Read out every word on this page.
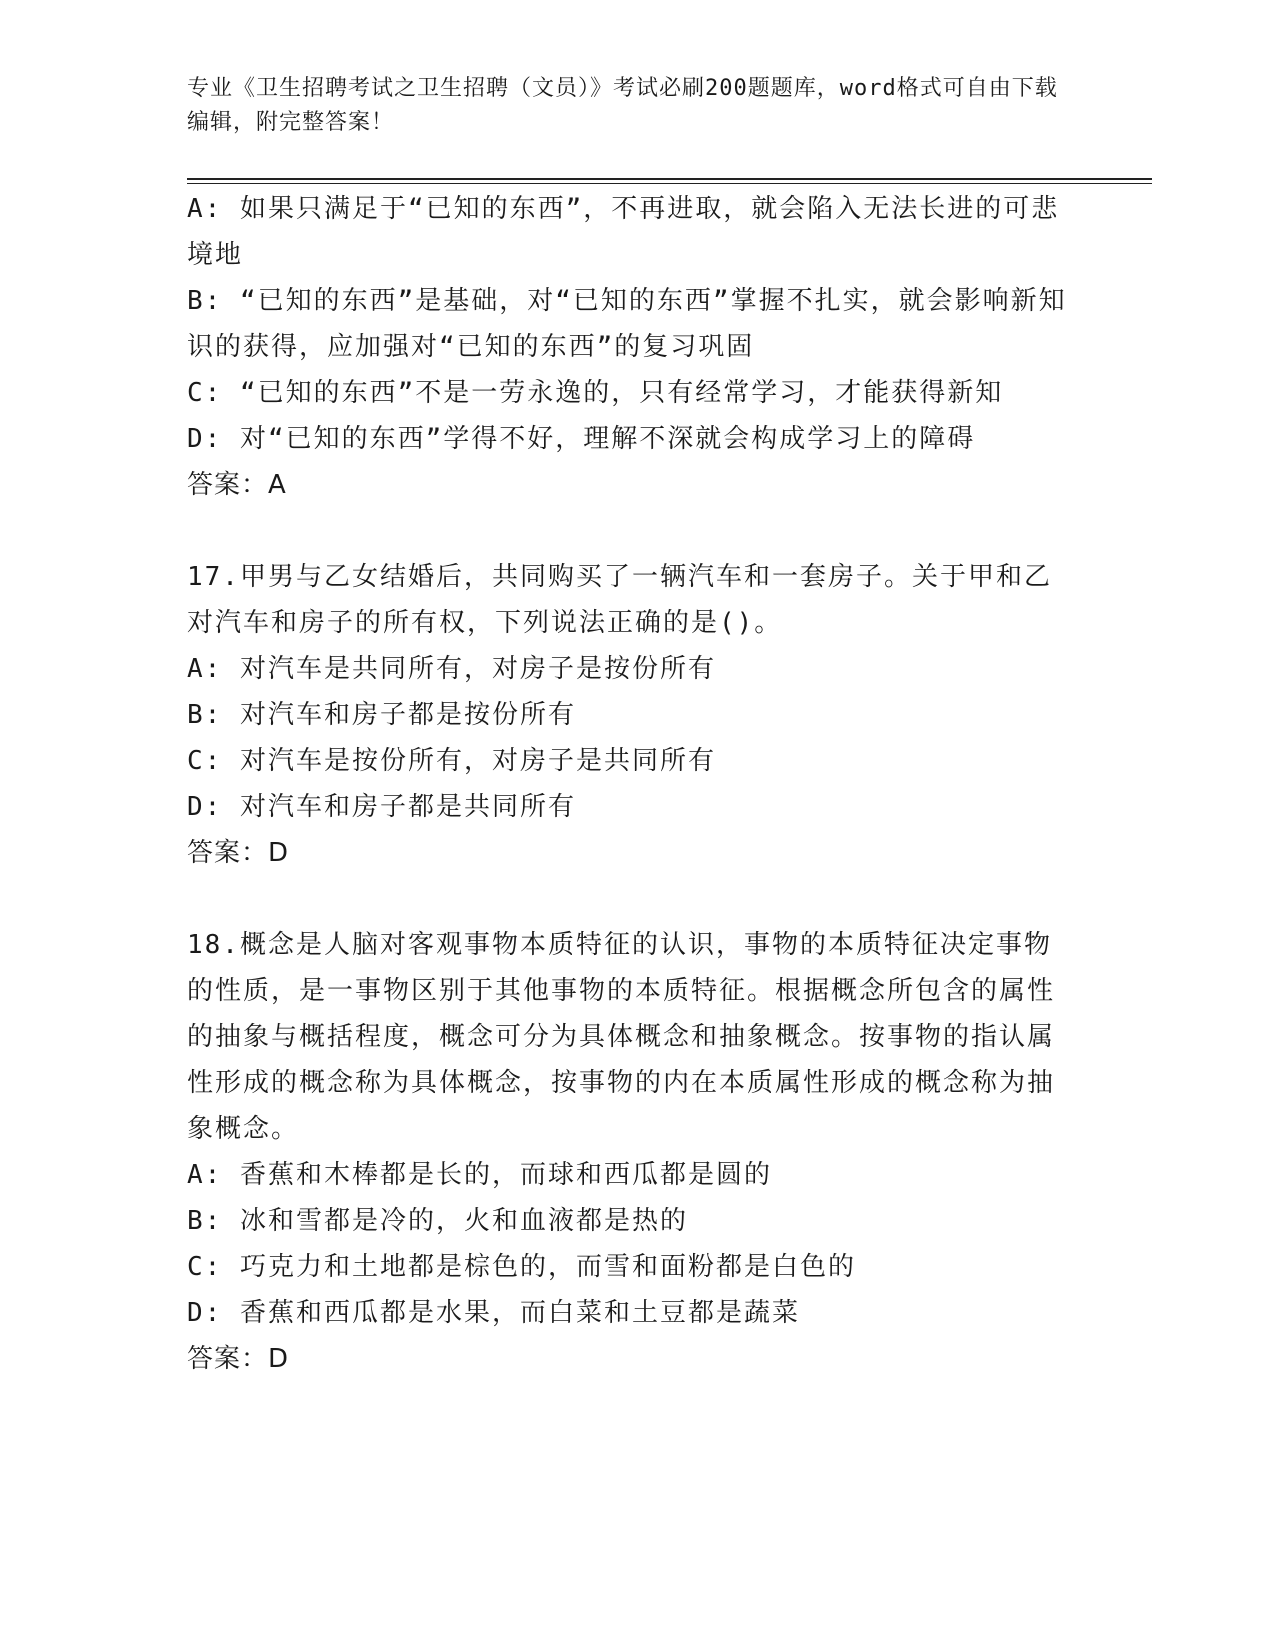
专业《卫生招聘考试之卫生招聘（文员）》考试必刷200题题库，word格式可自由下载编辑，附完整答案！
A: 如果只满足于“已知的东西”，不再进取，就会陷入无法长进的可悲境地
B: “已知的东西”是基础，对“已知的东西”掌握不扎实，就会影响新知识的获得，应加强对“已知的东西”的复习巩固
C: “已知的东西”不是一劳永逸的，只有经常学习，才能获得新知
D: 对“已知的东西”学得不好，理解不深就会构成学习上的障碍
答案：A
17.甲男与乙女结婚后，共同购买了一辆汽车和一套房子。关于甲和乙对汽车和房子的所有权，下列说法正确的是()。
A: 对汽车是共同所有，对房子是按份所有
B: 对汽车和房子都是按份所有
C: 对汽车是按份所有，对房子是共同所有
D: 对汽车和房子都是共同所有
答案：D
18.概念是人脑对客观事物本质特征的认识，事物的本质特征决定事物的性质，是一事物区别于其他事物的本质特征。根据概念所包含的属性的抽象与概括程度，概念可分为具体概念和抽象概念。按事物的指认属性形成的概念称为具体概念，按事物的内在本质属性形成的概念称为抽象概念。
A: 香蕉和木棒都是长的，而球和西瓜都是圆的
B: 冰和雪都是冷的，火和血液都是热的
C: 巧克力和土地都是棕色的，而雪和面粉都是白色的
D: 香蕉和西瓜都是水果，而白菜和土豆都是蔬菜
答案：D
